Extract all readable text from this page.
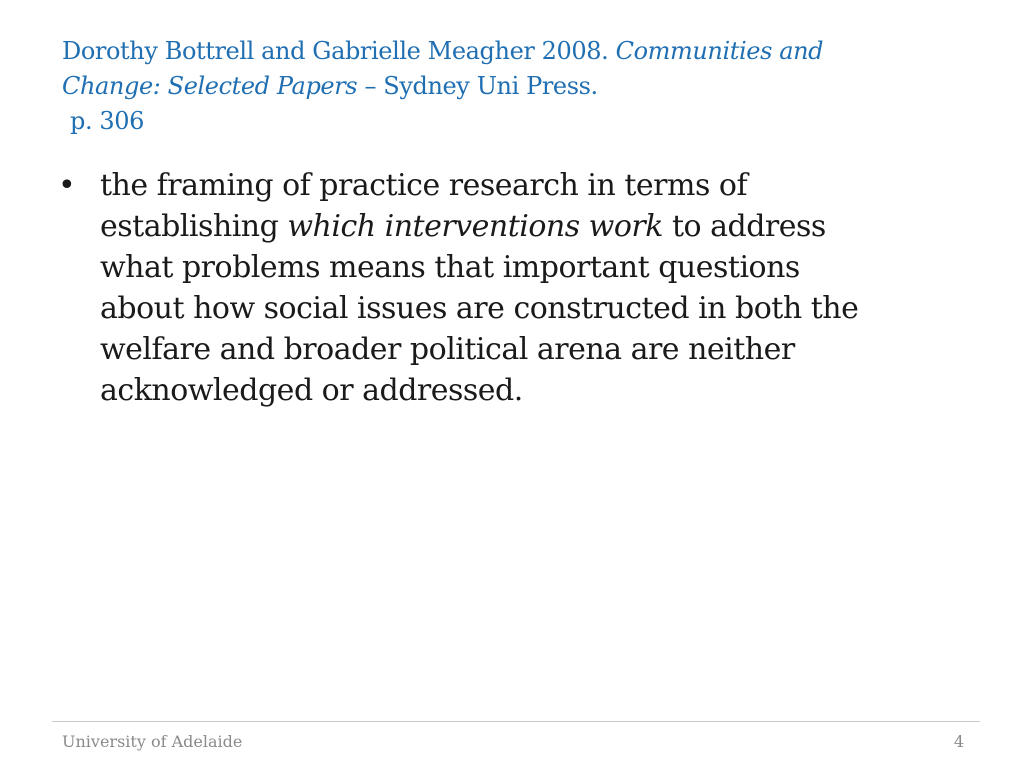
Dorothy Bottrell and Gabrielle Meagher 2008. Communities and
Change: Selected Papers – Sydney Uni Press.
p. 306
• the framing of practice research in terms of
establishing which interventions work to address
what problems means that important questions
about how social issues are constructed in both the
welfare and broader political arena are neither
acknowledged or addressed.
University of Adelaide	4
